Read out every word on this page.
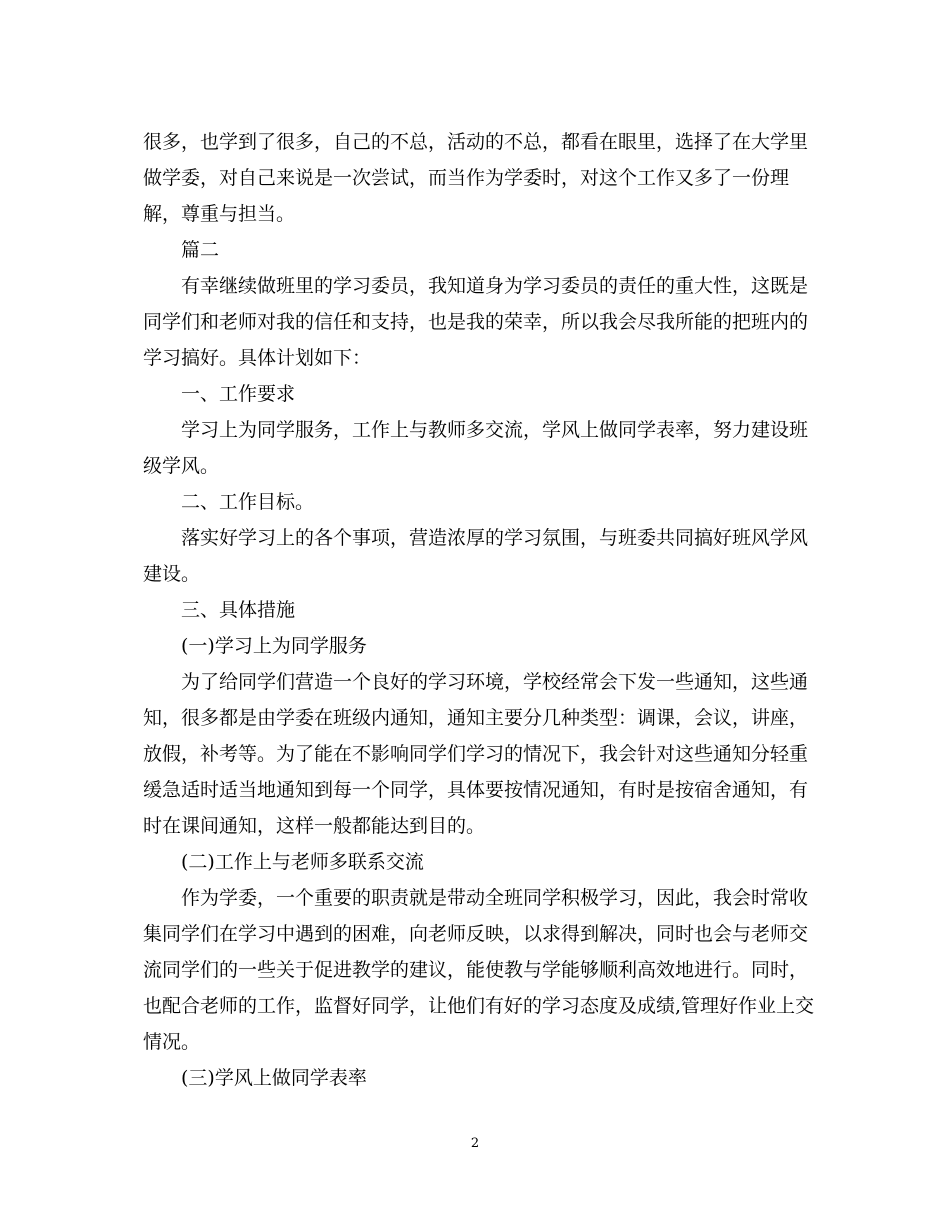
很多，也学到了很多，自己的不总，活动的不总，都看在眼里，选择了在大学里
做学委，对自己来说是一次尝试，而当作为学委时，对这个工作又多了一份理
解，尊重与担当。
篇二
有幸继续做班里的学习委员，我知道身为学习委员的责任的重大性，这既是
同学们和老师对我的信任和支持，也是我的荣幸，所以我会尽我所能的把班内的
学习搞好。具体计划如下：
一、工作要求
学习上为同学服务，工作上与教师多交流，学风上做同学表率，努力建设班
级学风。
二、工作目标。
落实好学习上的各个事项，营造浓厚的学习氛围，与班委共同搞好班风学风
建设。
三、具体措施
(一)学习上为同学服务
为了给同学们营造一个良好的学习环境，学校经常会下发一些通知，这些通
知，很多都是由学委在班级内通知，通知主要分几种类型：调课，会议，讲座，
放假，补考等。为了能在不影响同学们学习的情况下，我会针对这些通知分轻重
缓急适时适当地通知到每一个同学，具体要按情况通知，有时是按宿舍通知，有
时在课间通知，这样一般都能达到目的。
(二)工作上与老师多联系交流
作为学委，一个重要的职责就是带动全班同学积极学习，因此，我会时常收
集同学们在学习中遇到的困难，向老师反映，以求得到解决，同时也会与老师交
流同学们的一些关于促进教学的建议，能使教与学能够顺利高效地进行。同时，
也配合老师的工作，监督好同学，让他们有好的学习态度及成绩,管理好作业上交
情况。
(三)学风上做同学表率
2
